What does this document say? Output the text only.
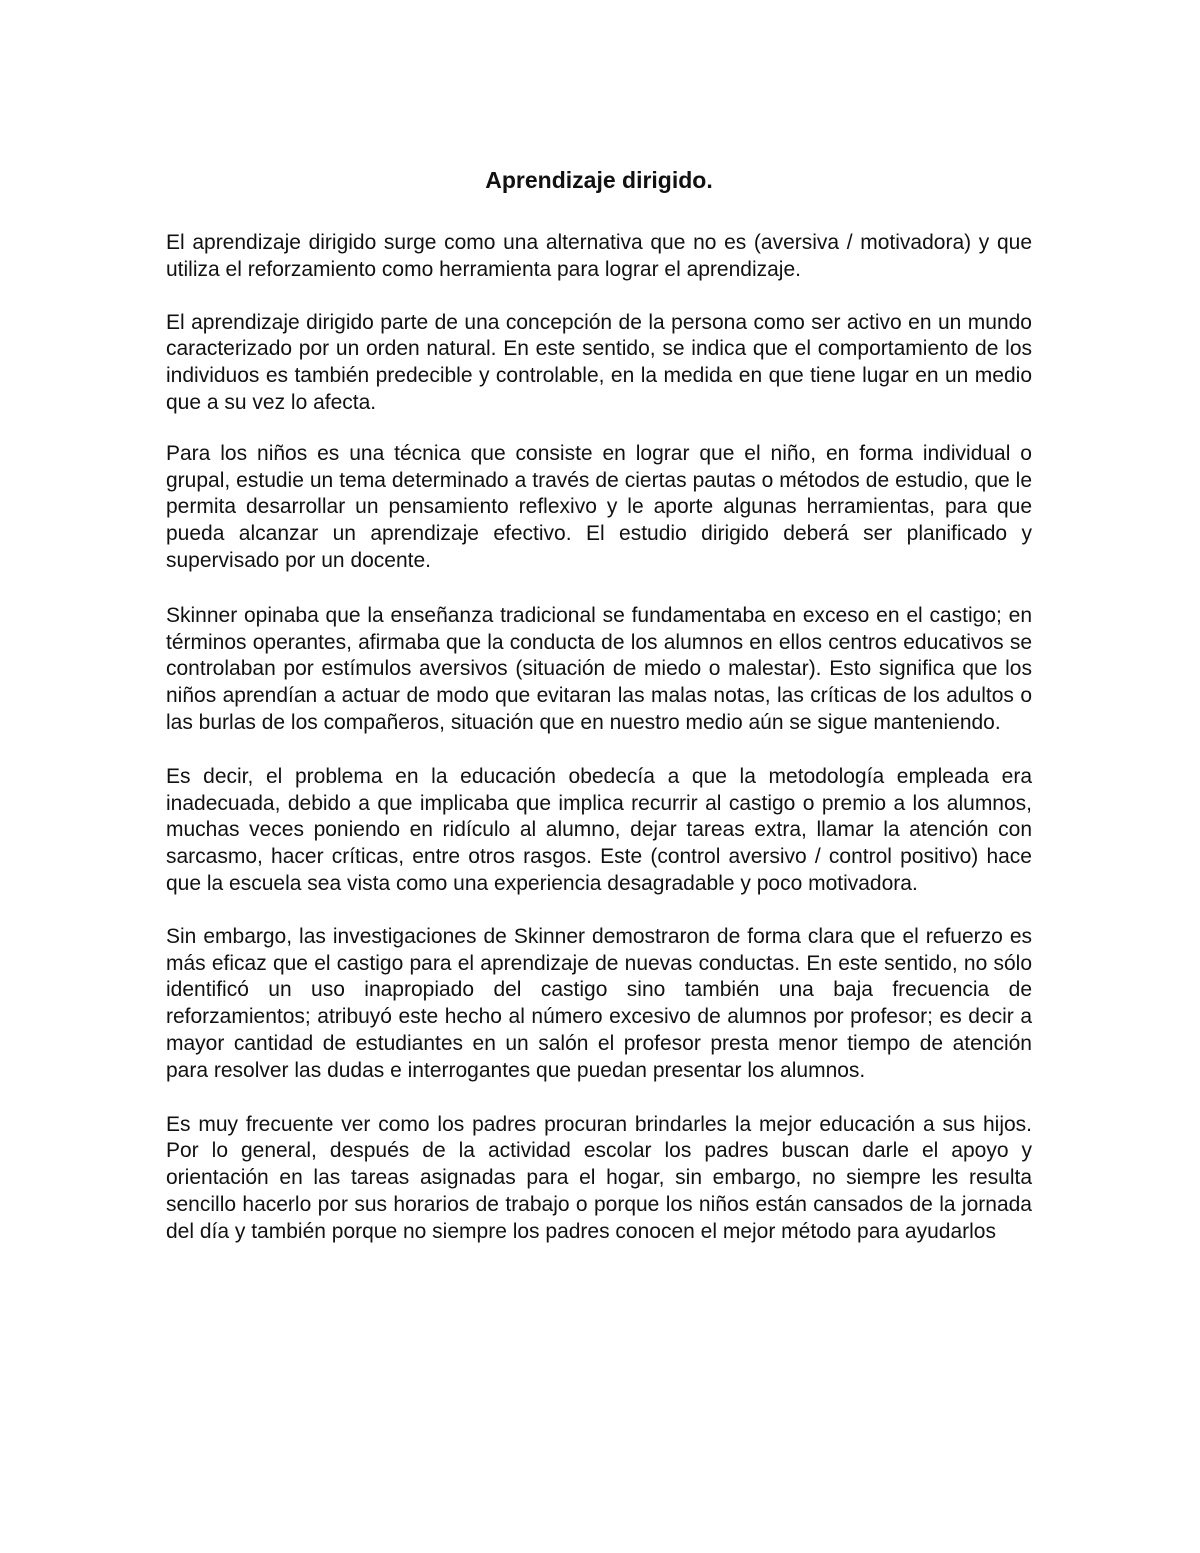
Aprendizaje dirigido.

El aprendizaje dirigido surge como una alternativa que no es (aversiva / motivadora) y que utiliza el reforzamiento como herramienta para lograr el aprendizaje.

El aprendizaje dirigido parte de una concepción de la persona como ser activo en un mundo caracterizado por un orden natural. En este sentido, se indica que el comportamiento de los individuos es también predecible y controlable, en la medida en que tiene lugar en un medio que a su vez lo afecta.

Para los niños es una técnica que consiste en lograr que el niño, en forma individual o grupal, estudie un tema determinado a través de ciertas pautas o métodos de estudio, que le permita desarrollar un pensamiento reflexivo y le aporte algunas herramientas, para que pueda alcanzar un aprendizaje efectivo. El estudio dirigido deberá ser planificado y supervisado por un docente.

Skinner opinaba que la enseñanza tradicional se fundamentaba en exceso en el castigo; en términos operantes, afirmaba que la conducta de los alumnos en ellos centros educativos se controlaban por estímulos aversivos (situación de miedo o malestar). Esto significa que los niños aprendían a actuar de modo que evitaran las malas notas, las críticas de los adultos o las burlas de los compañeros, situación que en nuestro medio aún se sigue manteniendo.

Es decir, el problema en la educación obedecía a que la metodología empleada era inadecuada, debido a que implicaba que implica recurrir al castigo o premio a los alumnos, muchas veces poniendo en ridículo al alumno, dejar tareas extra, llamar la atención con sarcasmo, hacer críticas, entre otros rasgos. Este (control aversivo / control positivo) hace que la escuela sea vista como una experiencia desagradable y poco motivadora.

Sin embargo, las investigaciones de Skinner demostraron de forma clara que el refuerzo es más eficaz que el castigo para el aprendizaje de nuevas conductas. En este sentido, no sólo identificó un uso inapropiado del castigo sino también una baja frecuencia de reforzamientos; atribuyó este hecho al número excesivo de alumnos por profesor; es decir a mayor cantidad de estudiantes en un salón el profesor presta menor tiempo de atención para resolver las dudas e interrogantes que puedan presentar los alumnos.

Es muy frecuente ver como los padres procuran brindarles la mejor educación a sus hijos. Por lo general, después de la actividad escolar los padres buscan darle el apoyo y orientación en las tareas asignadas para el hogar, sin embargo, no siempre les resulta sencillo hacerlo por sus horarios de trabajo o porque los niños están cansados de la jornada del día y también porque no siempre los padres conocen el mejor método para ayudarlos
